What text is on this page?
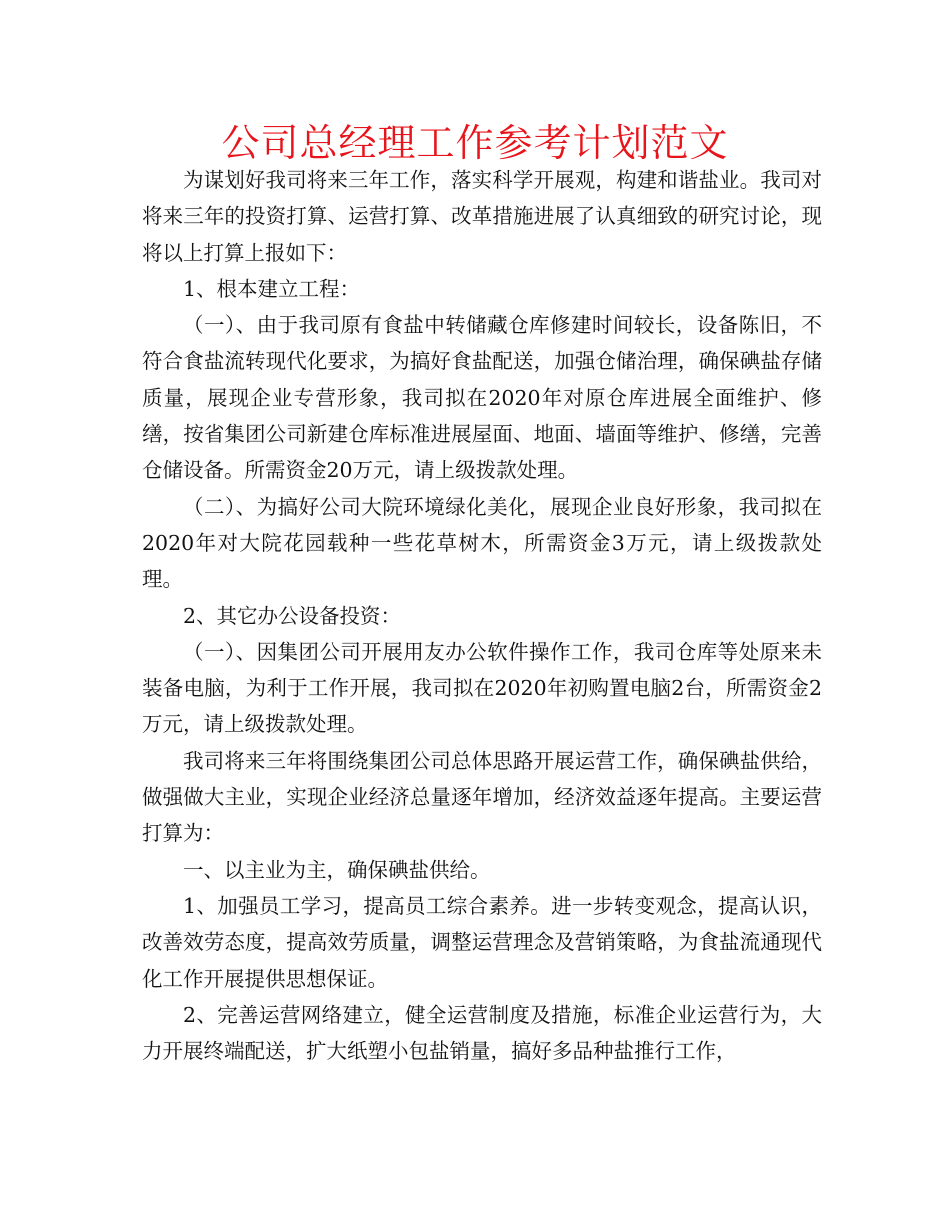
公司总经理工作参考计划范文

为谋划好我司将来三年工作，落实科学开展观，构建和谐盐业。我司对将来三年的投资打算、运营打算、改革措施进展了认真细致的研究讨论，现将以上打算上报如下：

1、根本建立工程：

（一）、由于我司原有食盐中转储藏仓库修建时间较长，设备陈旧，不符合食盐流转现代化要求，为搞好食盐配送，加强仓储治理，确保碘盐存储质量，展现企业专营形象，我司拟在2020年对原仓库进展全面维护、修缮，按省集团公司新建仓库标准进展屋面、地面、墙面等维护、修缮，完善仓储设备。所需资金20万元，请上级拨款处理。

（二）、为搞好公司大院环境绿化美化，展现企业良好形象，我司拟在2020年对大院花园载种一些花草树木，所需资金3万元，请上级拨款处理。

2、其它办公设备投资：

（一）、因集团公司开展用友办公软件操作工作，我司仓库等处原来未装备电脑，为利于工作开展，我司拟在2020年初购置电脑2台，所需资金2万元，请上级拨款处理。

我司将来三年将围绕集团公司总体思路开展运营工作，确保碘盐供给，做强做大主业，实现企业经济总量逐年增加，经济效益逐年提高。主要运营打算为：

一、以主业为主，确保碘盐供给。

1、加强员工学习，提高员工综合素养。进一步转变观念，提高认识，改善效劳态度，提高效劳质量，调整运营理念及营销策略，为食盐流通现代化工作开展提供思想保证。

2、完善运营网络建立，健全运营制度及措施，标准企业运营行为，大力开展终端配送，扩大纸塑小包盐销量，搞好多品种盐推行工作，
